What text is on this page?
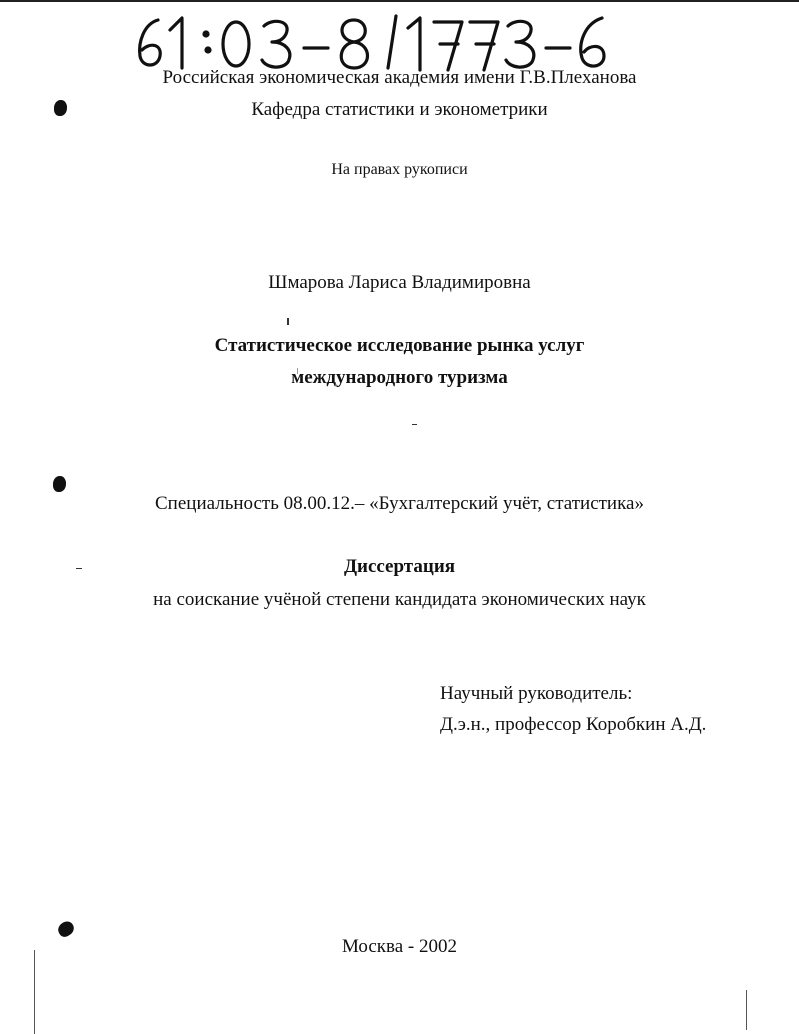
Российская экономическая академия имени Г.В.Плеханова
Кафедра статистики и эконометрики
На правах рукописи
Шмарова Лариса Владимировна
Статистическое исследование рынка услуг
международного туризма
Специальность 08.00.12.– «Бухгалтерский учёт, статистика»
Диссертация
на соискание учёной степени кандидата экономических наук
Научный руководитель:
Д.э.н., профессор Коробкин А.Д.
Москва - 2002
